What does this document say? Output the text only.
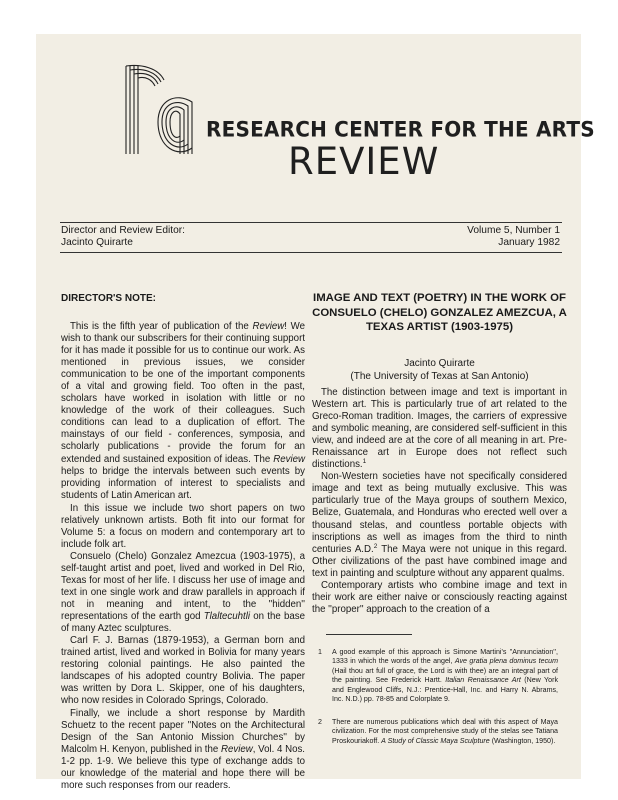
RESEARCH CENTER FOR THE ARTS
REVIEW
Director and Review Editor:
Jacinto Quirarte
Volume 5, Number 1
January 1982
DIRECTOR'S NOTE:

This is the fifth year of publication of the Review! We wish to thank our subscribers for their continuing support for it has made it possible for us to continue our work. As mentioned in previous issues, we consider communication to be one of the important components of a vital and growing field. Too often in the past, scholars have worked in isolation with little or no knowledge of the work of their colleagues. Such conditions can lead to a duplication of effort. The mainstays of our field - conferences, symposia, and scholarly publications - provide the forum for an extended and sustained exposition of ideas. The Review helps to bridge the intervals between such events by providing information of interest to specialists and students of Latin American art.

In this issue we include two short papers on two relatively unknown artists. Both fit into our format for Volume 5: a focus on modern and contemporary art to include folk art.

Consuelo (Chelo) Gonzalez Amezcua (1903-1975), a self-taught artist and poet, lived and worked in Del Rio, Texas for most of her life. I discuss her use of image and text in one single work and draw parallels in approach if not in meaning and intent, to the ''hidden'' representations of the earth god Tlaltecuhtli on the base of many Aztec sculptures.

Carl F. J. Barnas (1879-1953), a German born and trained artist, lived and worked in Bolivia for many years restoring colonial paintings. He also painted the landscapes of his adopted country Bolivia. The paper was written by Dora L. Skipper, one of his daughters, who now resides in Colorado Springs, Colorado.

Finally, we include a short response by Mardith Schuetz to the recent paper ''Notes on the Architectural Design of the San Antonio Mission Churches'' by Malcolm H. Kenyon, published in the Review, Vol. 4 Nos. 1-2 pp. 1-9. We believe this type of exchange adds to our knowledge of the material and hope there will be more such responses from our readers.

IMAGE AND TEXT (POETRY) IN THE WORK OF CONSUELO (CHELO) GONZALEZ AMEZCUA, A TEXAS ARTIST (1903-1975)
Jacinto Quirarte
(The University of Texas at San Antonio)

The distinction between image and text is important in Western art. This is particularly true of art related to the Greco-Roman tradition. Images, the carriers of expressive and symbolic meaning, are considered self-sufficient in this view, and indeed are at the core of all meaning in art. Pre-Renaissance art in Europe does not reflect such distinctions.$^1$

Non-Western societies have not specifically considered image and text as being mutually exclusive. This was particularly true of the Maya groups of southern Mexico, Belize, Guatemala, and Honduras who erected well over a thousand stelas, and countless portable objects with inscriptions as well as images from the third to ninth centuries A.D.$^2$ The Maya were not unique in this regard. Other civilizations of the past have combined image and text in painting and sculpture without any apparent qualms.

Contemporary artists who combine image and text in their work are either naive or consciously reacting against the ''proper'' approach to the creation of a

1	A good example of this approach is Simone Martini's ''Annunciation'', 1333 in which the words of the angel, Ave gratia plena dominus tecum (Hail thou art full of grace, the Lord is with thee) are an integral part of the painting. See Frederick Hartt. Italian Renaissance Art (New York and Englewood Cliffs, N.J.: Prentice-Hall, Inc. and Harry N. Abrams, Inc. N.D.) pp. 78-85 and Colorplate 9.
2	There are numerous publications which deal with this aspect of Maya civilization. For the most comprehensive study of the stelas see Tatiana Proskouriakoff. A Study of Classic Maya Sculpture (Washington, 1950).
